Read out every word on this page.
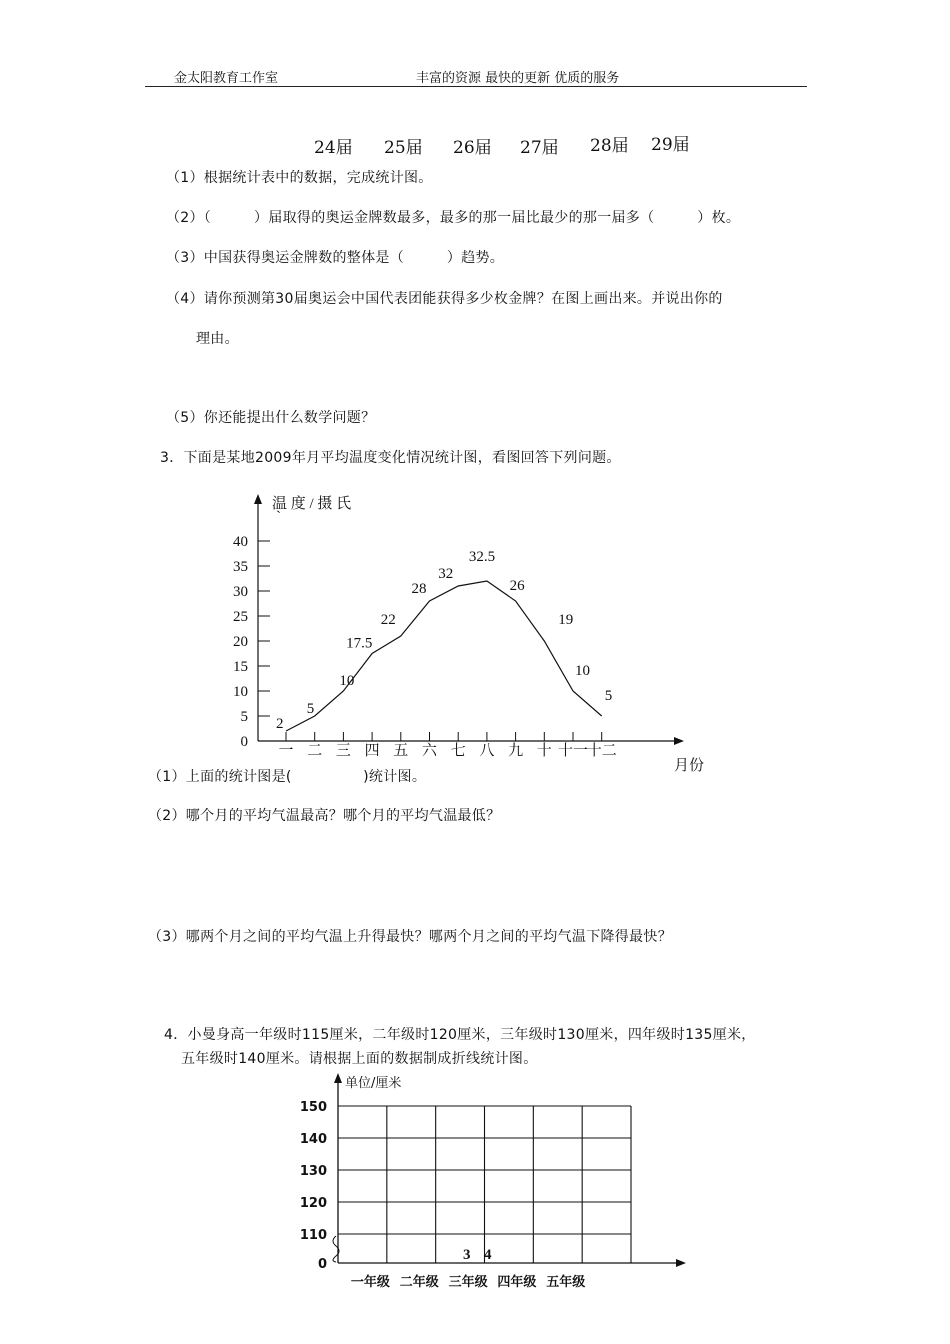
金太阳教育工作室	丰富的资源 最快的更新 优质的服务
24届 25届 26届 27届 28届 29届
（1）根据统计表中的数据，完成统计图。
（2）（　　　）届取得的奥运金牌数最多，最多的那一届比最少的那一届多（　　　）枚。
（3）中国获得奥运金牌数的整体是（　　　）趋势。
（4）请你预测第30届奥运会中国代表团能获得多少枚金牌？在图上画出来。并说出你的
理由。
（5）你还能提出什么数学问题？
3．下面是某地2009年月平均温度变化情况统计图，看图回答下列问题。
0
5
10
15
20
25
30
35
40
一 二 三 四 五 六 七 八 九 十 十一
十二
2
5
10
17.5
22
28
32
32.5
26
19
10
5
温 度 / 摄 氏
`
月份
（1）上面的统计图是(　　　　　)统计图。
（2）哪个月的平均气温最高？哪个月的平均气温最低？
（3）哪两个月之间的平均气温上升得最快？哪两个月之间的平均气温下降得最快？
4．小曼身高一年级时115厘米，二年级时120厘米，三年级时130厘米，四年级时135厘米，
五年级时140厘米。请根据上面的数据制成折线统计图。
150
140
130
120
110
0
一年级 二年级 三年级 四年级 五年级
单位/厘米
3 4
